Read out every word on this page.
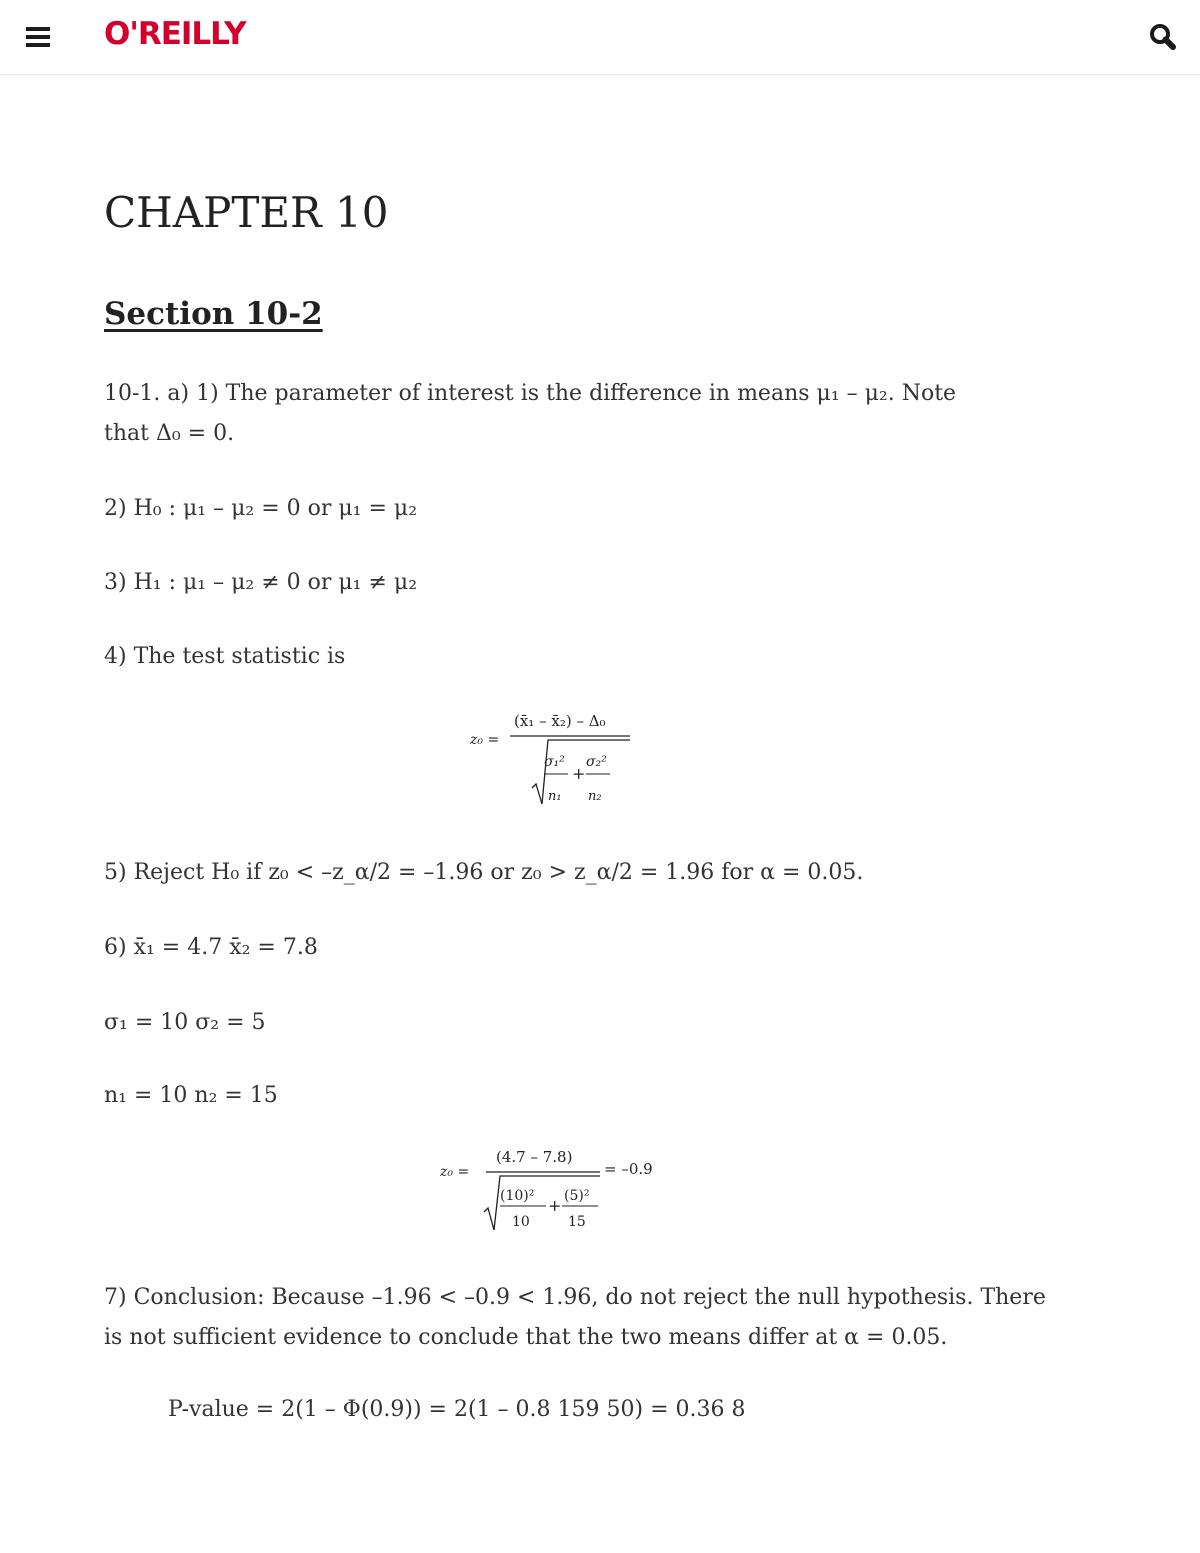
O'REILLY
CHAPTER 10
Section 10-2
10-1. a) 1) The parameter of interest is the difference in means μ₁ – μ₂. Note
that Δ₀ = 0.
2) H₀ : μ₁ – μ₂ = 0 or μ₁ = μ₂
3) H₁ : μ₁ – μ₂ ≠ 0 or μ₁ ≠ μ₂
4) The test statistic is
z₀ =
(x̄₁ – x̄₂) – Δ₀
σ₁²
n₁
+
σ₂²
n₂
5) Reject H₀ if z₀ < –z_α/2 = –1.96 or z₀ > z_α/2 = 1.96 for α = 0.05.
6) x̄₁ = 4.7 x̄₂ = 7.8
σ₁ = 10 σ₂ = 5
n₁ = 10 n₂ = 15
z₀ =
(4.7 – 7.8)
(10)²
10
+ (5)²
15
= –0.9
7) Conclusion: Because –1.96 < –0.9 < 1.96, do not reject the null hypothesis. There
is not sufficient evidence to conclude that the two means differ at α = 0.05.
P-value = 2(1 – Φ(0.9)) = 2(1 – 0.8 159 50) = 0.36 8
